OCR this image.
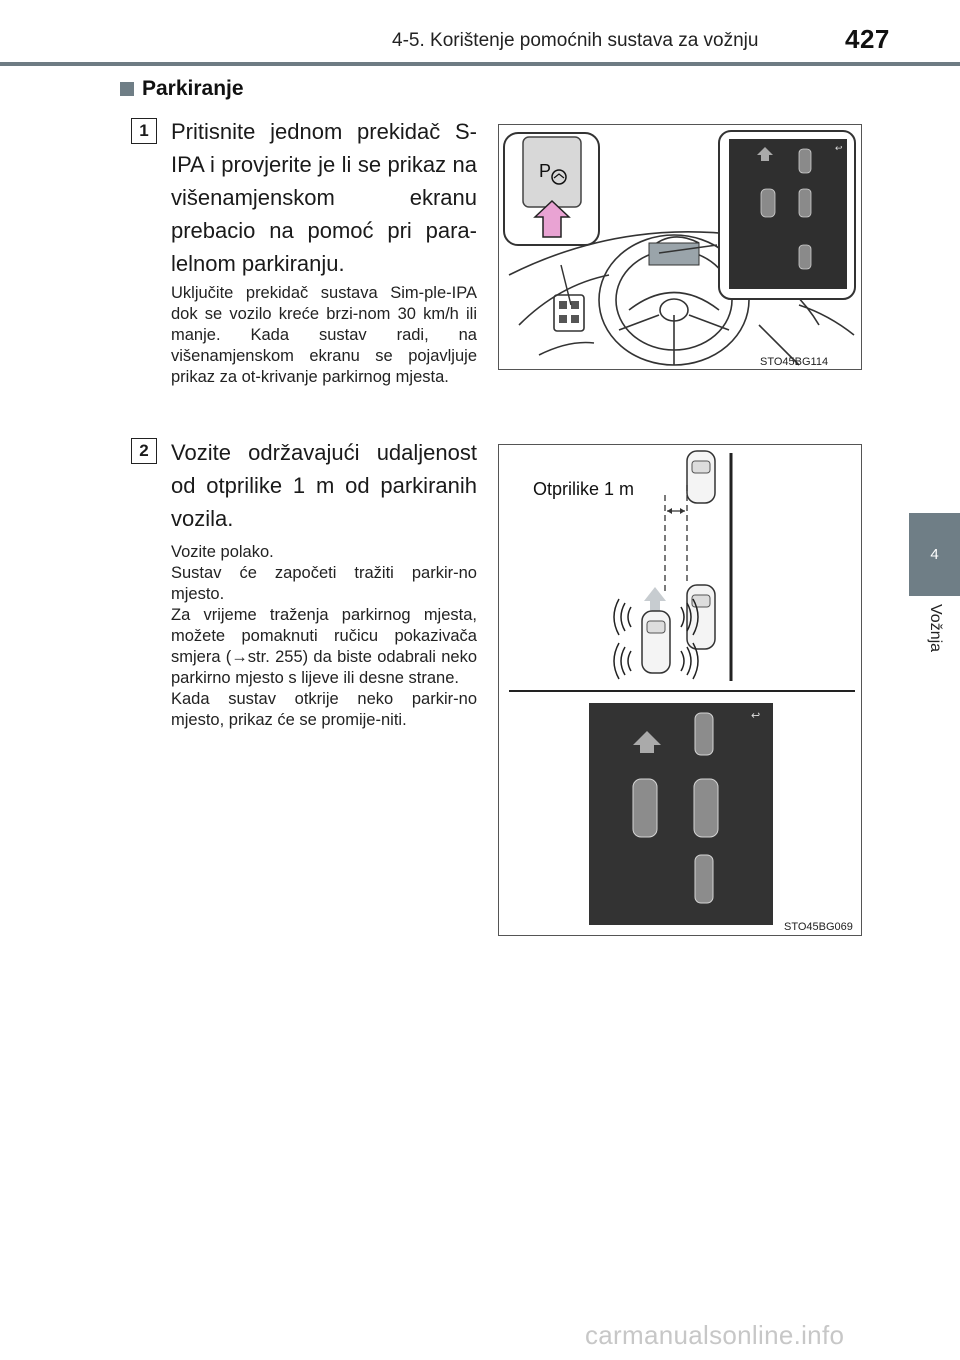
4-5. Korištenje pomoćnih sustava za vožnju	427
4
Vožnja
Parkiranje
1 Pritisnite jednom prekidač S-IPA i provjerite je li se prikaz na višenamjenskom ekranu prebacio na pomoć pri para-lelnom parkiranju.
Uključite prekidač sustava Sim-ple-IPA dok se vozilo kreće brzi-nom 30 km/h ili manje. Kada sustav radi, na višenamjenskom ekranu se pojavljuje prikaz za ot-krivanje parkirnog mjesta.
P
↩
STO45BG114
2 Vozite održavajući udaljenost od otprilike 1 m od parkiranih vozila.
Vozite polako.
Sustav će započeti tražiti parkir-no mjesto.
Za vrijeme traženja parkirnog mjesta, možete pomaknuti ručicu pokazivača smjera (→str. 255) da biste odabrali neko parkirno mjesto s lijeve ili desne strane.
Kada sustav otkrije neko parkir-no mjesto, prikaz će se promije-niti.	↩
Otprilike 1 m
STO45BG069
carmanualsonline.info
